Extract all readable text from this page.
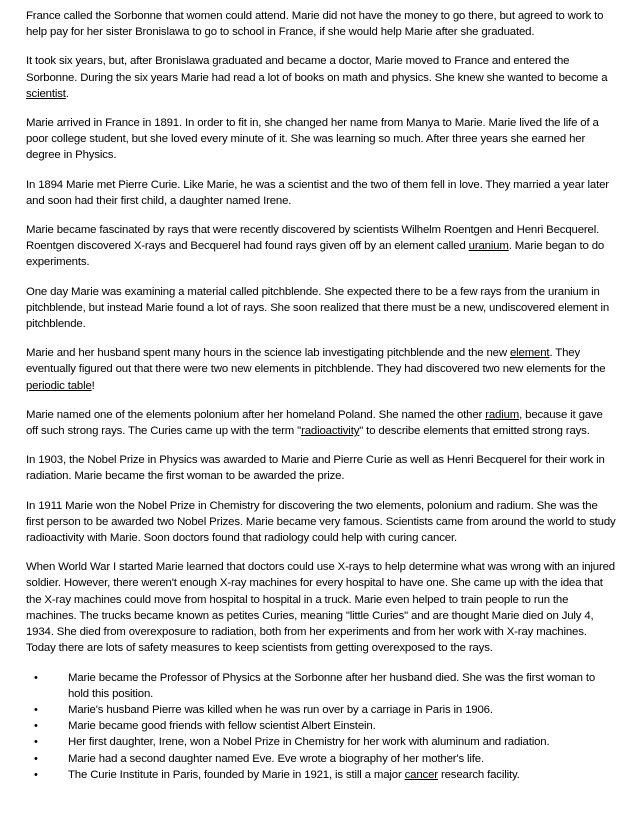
France called the Sorbonne that women could attend. Marie did not have the money to go there, but agreed to work to help pay for her sister Bronislawa to go to school in France, if she would help Marie after she graduated.

It took six years, but, after Bronislawa graduated and became a doctor, Marie moved to France and entered the Sorbonne. During the six years Marie had read a lot of books on math and physics. She knew she wanted to become a scientist.

Marie arrived in France in 1891. In order to fit in, she changed her name from Manya to Marie. Marie lived the life of a poor college student, but she loved every minute of it. She was learning so much. After three years she earned her degree in Physics.

In 1894 Marie met Pierre Curie. Like Marie, he was a scientist and the two of them fell in love. They married a year later and soon had their first child, a daughter named Irene.

Marie became fascinated by rays that were recently discovered by scientists Wilhelm Roentgen and Henri Becquerel. Roentgen discovered X-rays and Becquerel had found rays given off by an element called uranium. Marie began to do experiments.

One day Marie was examining a material called pitchblende. She expected there to be a few rays from the uranium in pitchblende, but instead Marie found a lot of rays. She soon realized that there must be a new, undiscovered element in pitchblende.

Marie and her husband spent many hours in the science lab investigating pitchblende and the new element. They eventually figured out that there were two new elements in pitchblende. They had discovered two new elements for the periodic table!

Marie named one of the elements polonium after her homeland Poland. She named the other radium, because it gave off such strong rays. The Curies came up with the term "radioactivity" to describe elements that emitted strong rays.

In 1903, the Nobel Prize in Physics was awarded to Marie and Pierre Curie as well as Henri Becquerel for their work in radiation. Marie became the first woman to be awarded the prize.

In 1911 Marie won the Nobel Prize in Chemistry for discovering the two elements, polonium and radium. She was the first person to be awarded two Nobel Prizes. Marie became very famous. Scientists came from around the world to study radioactivity with Marie. Soon doctors found that radiology could help with curing cancer.

When World War I started Marie learned that doctors could use X-rays to help determine what was wrong with an injured soldier. However, there weren't enough X-ray machines for every hospital to have one. She came up with the idea that the X-ray machines could move from hospital to hospital in a truck. Marie even helped to train people to run the machines. The trucks became known as petites Curies, meaning "little Curies" and are thought Marie died on July 4, 1934. She died from overexposure to radiation, both from her experiments and from her work with X-ray machines. Today there are lots of safety measures to keep scientists from getting overexposed to the rays.

•	Marie became the Professor of Physics at the Sorbonne after her husband died. She was the first woman to hold this position.
•	Marie's husband Pierre was killed when he was run over by a carriage in Paris in 1906.
•	Marie became good friends with fellow scientist Albert Einstein.
•	Her first daughter, Irene, won a Nobel Prize in Chemistry for her work with aluminum and radiation.
•	Marie had a second daughter named Eve. Eve wrote a biography of her mother's life.
•	The Curie Institute in Paris, founded by Marie in 1921, is still a major cancer research facility.
